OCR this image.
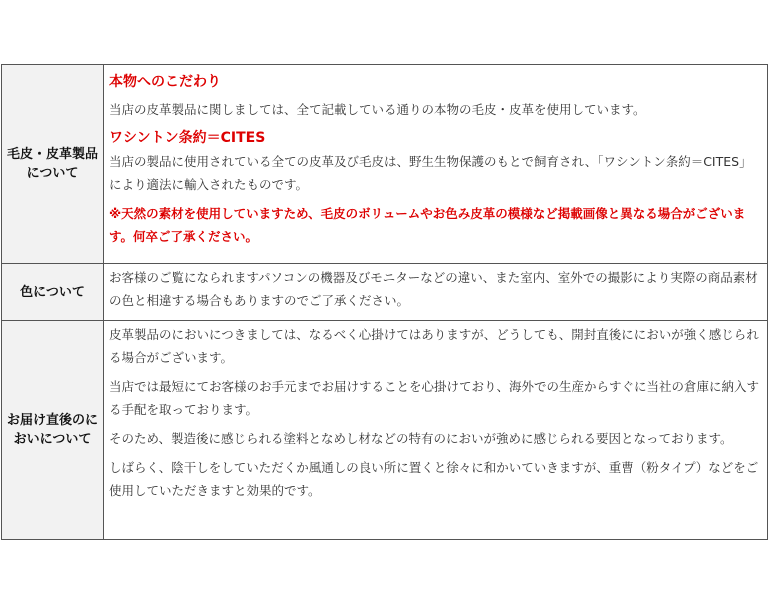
毛皮・皮革製品について	本物へのこだわり

当店の皮革製品に関しましては、全て記載している通りの本物の毛皮・皮革を使用しています。

ワシントン条約＝CITES

当店の製品に使用されている全ての皮革及び毛皮は、野生生物保護のもとで飼育され、「ワシントン条約＝CITES」により適法に輸入されたものです。

※天然の素材を使用していますため、毛皮のボリュームやお色み皮革の模様など掲載画像と異なる場合がございます。何卒ご了承ください。

色について	お客様のご覧になられますパソコンの機器及びモニターなどの違い、また室内、室外での撮影により実際の商品素材の色と相違する場合もありますのでご了承ください。

お届け直後のにおいについて	皮革製品のにおいにつきましては、なるべく心掛けてはありますが、どうしても、開封直後ににおいが強く感じられる場合がございます。

当店では最短にてお客様のお手元までお届けすることを心掛けており、海外での生産からすぐに当社の倉庫に納入する手配を取っております。

そのため、製造後に感じられる塗料となめし材などの特有のにおいが強めに感じられる要因となっております。

しばらく、陰干しをしていただくか風通しの良い所に置くと徐々に和かいていきますが、重曹（粉タイプ）などをご使用していただきますと効果的です。
